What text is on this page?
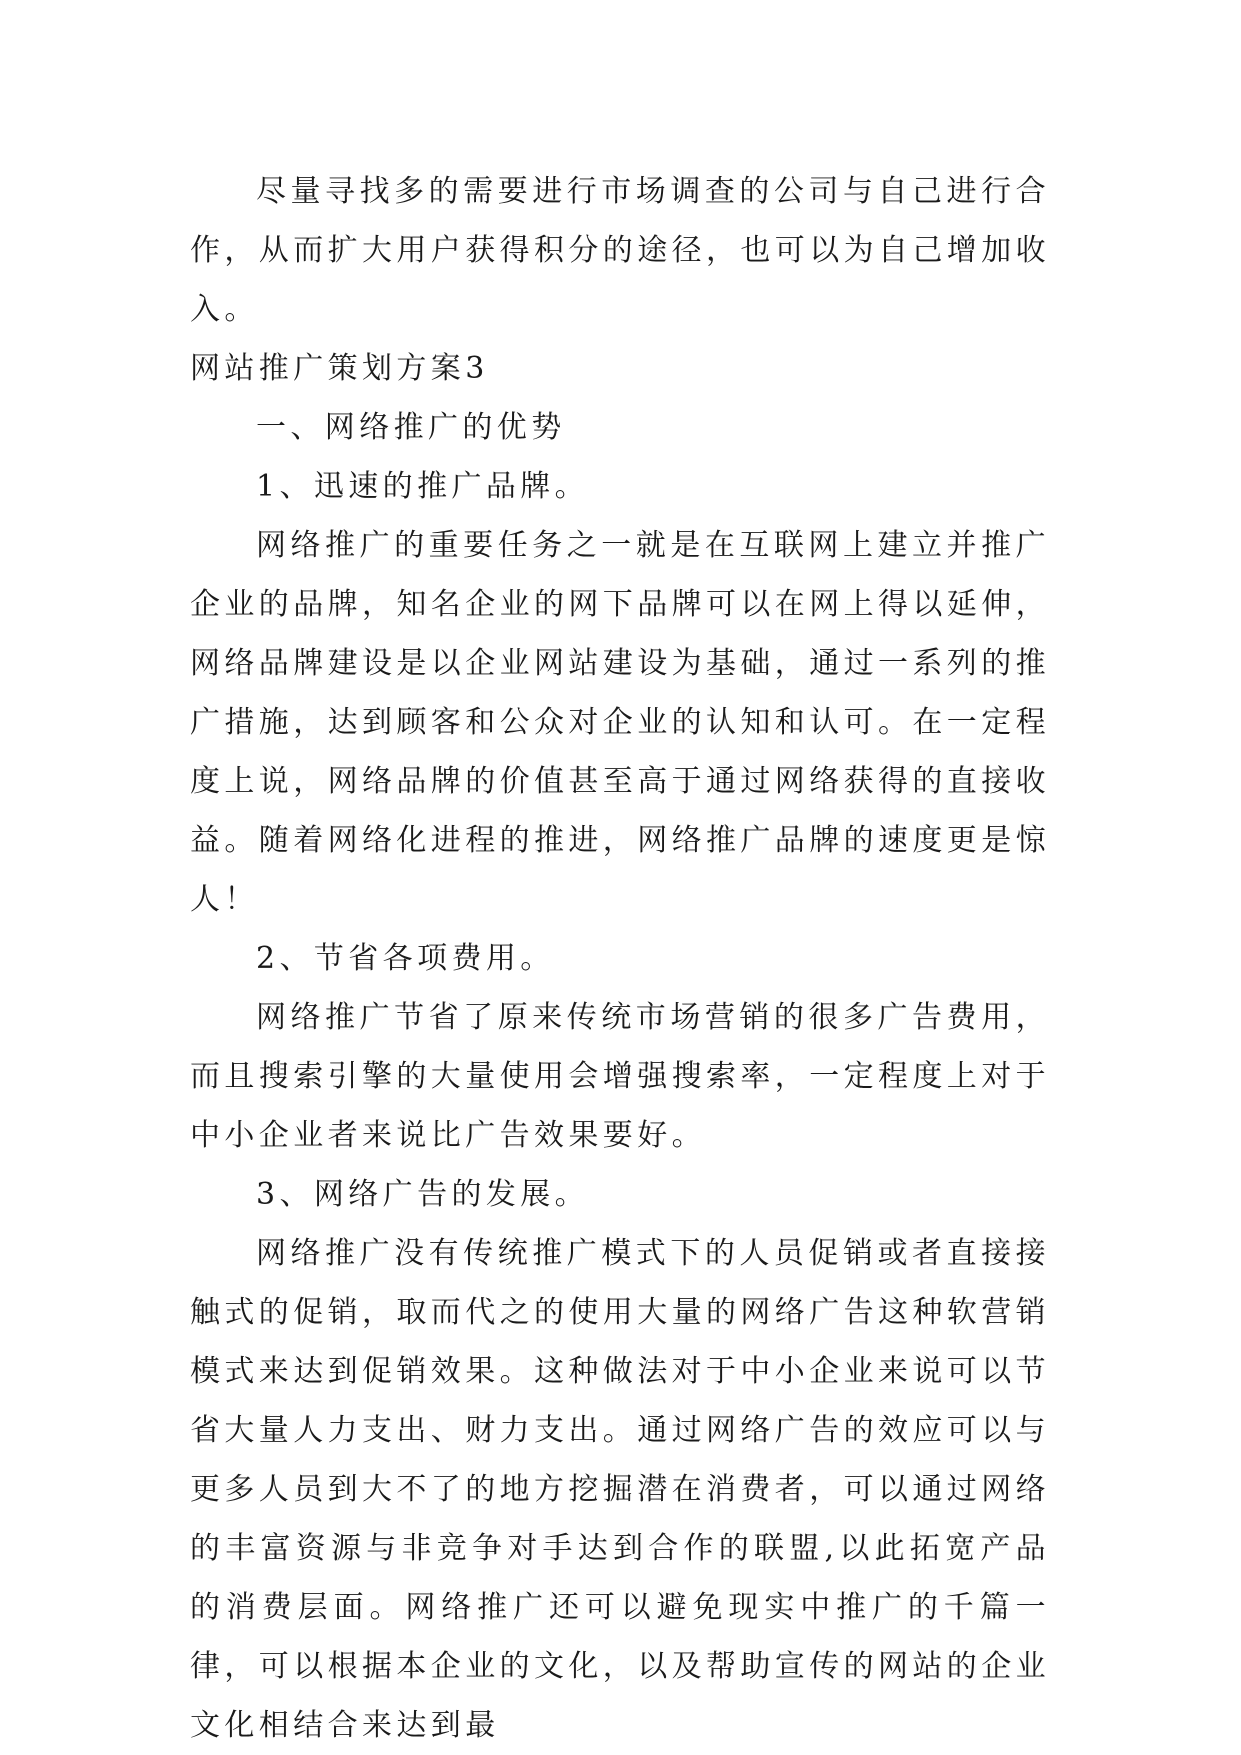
尽量寻找多的需要进行市场调查的公司与自己进行合作，从而扩大用户获得积分的途径，也可以为自己增加收入。

网站推广策划方案3

一、网络推广的优势

1、迅速的推广品牌。

网络推广的重要任务之一就是在互联网上建立并推广企业的品牌，知名企业的网下品牌可以在网上得以延伸，网络品牌建设是以企业网站建设为基础，通过一系列的推广措施，达到顾客和公众对企业的认知和认可。在一定程度上说，网络品牌的价值甚至高于通过网络获得的直接收益。随着网络化进程的推进，网络推广品牌的速度更是惊人！

2、节省各项费用。

网络推广节省了原来传统市场营销的很多广告费用，而且搜索引擎的大量使用会增强搜索率，一定程度上对于中小企业者来说比广告效果要好。

3、网络广告的发展。

网络推广没有传统推广模式下的人员促销或者直接接触式的促销，取而代之的使用大量的网络广告这种软营销模式来达到促销效果。这种做法对于中小企业来说可以节省大量人力支出、财力支出。通过网络广告的效应可以与更多人员到大不了的地方挖掘潜在消费者，可以通过网络的丰富资源与非竞争对手达到合作的联盟,以此拓宽产品的消费层面。网络推广还可以避免现实中推广的千篇一律，可以根据本企业的文化，以及帮助宣传的网站的企业文化相结合来达到最
